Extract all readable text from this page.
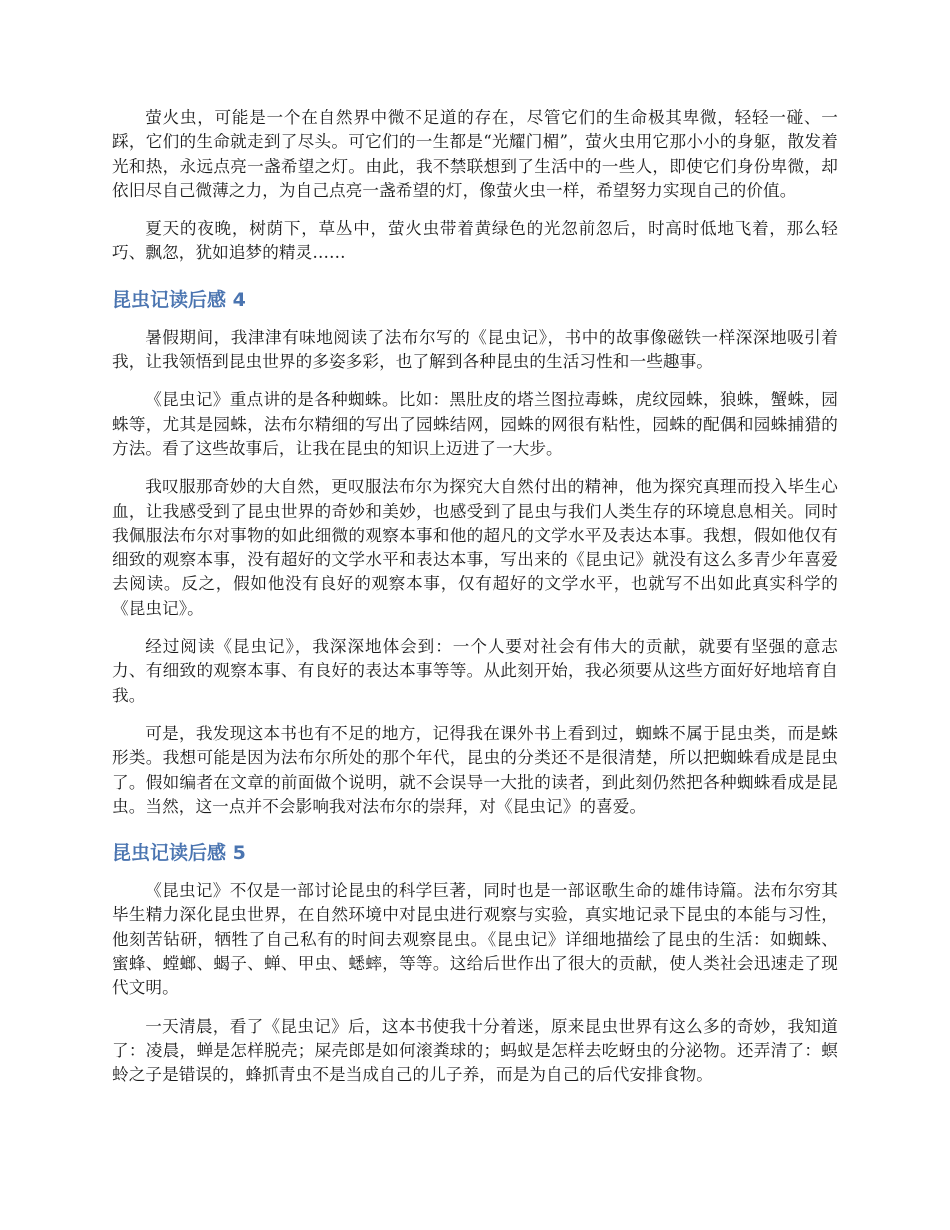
萤火虫，可能是一个在自然界中微不足道的存在，尽管它们的生命极其卑微，轻轻一碰、一踩，它们的生命就走到了尽头。可它们的一生都是“光耀门楣”，萤火虫用它那小小的身躯，散发着光和热，永远点亮一盏希望之灯。由此，我不禁联想到了生活中的一些人，即使它们身份卑微，却依旧尽自己微薄之力，为自己点亮一盏希望的灯，像萤火虫一样，希望努力实现自己的价值。

夏天的夜晚，树荫下，草丛中，萤火虫带着黄绿色的光忽前忽后，时高时低地飞着，那么轻巧、飘忽，犹如追梦的精灵……

昆虫记读后感 4

暑假期间，我津津有味地阅读了法布尔写的《昆虫记》，书中的故事像磁铁一样深深地吸引着我，让我领悟到昆虫世界的多姿多彩，也了解到各种昆虫的生活习性和一些趣事。

《昆虫记》重点讲的是各种蜘蛛。比如：黑肚皮的塔兰图拉毒蛛，虎纹园蛛，狼蛛，蟹蛛，园蛛等，尤其是园蛛，法布尔精细的写出了园蛛结网，园蛛的网很有粘性，园蛛的配偶和园蛛捕猎的方法。看了这些故事后，让我在昆虫的知识上迈进了一大步。

我叹服那奇妙的大自然，更叹服法布尔为探究大自然付出的精神，他为探究真理而投入毕生心血，让我感受到了昆虫世界的奇妙和美妙，也感受到了昆虫与我们人类生存的环境息息相关。同时我佩服法布尔对事物的如此细微的观察本事和他的超凡的文学水平及表达本事。我想，假如他仅有细致的观察本事，没有超好的文学水平和表达本事，写出来的《昆虫记》就没有这么多青少年喜爱去阅读。反之，假如他没有良好的观察本事，仅有超好的文学水平，也就写不出如此真实科学的《昆虫记》。

经过阅读《昆虫记》，我深深地体会到：一个人要对社会有伟大的贡献，就要有坚强的意志力、有细致的观察本事、有良好的表达本事等等。从此刻开始，我必须要从这些方面好好地培育自我。

可是，我发现这本书也有不足的地方，记得我在课外书上看到过，蜘蛛不属于昆虫类，而是蛛形类。我想可能是因为法布尔所处的那个年代，昆虫的分类还不是很清楚，所以把蜘蛛看成是昆虫了。假如编者在文章的前面做个说明，就不会误导一大批的读者，到此刻仍然把各种蜘蛛看成是昆虫。当然，这一点并不会影响我对法布尔的崇拜，对《昆虫记》的喜爱。

昆虫记读后感 5

《昆虫记》不仅是一部讨论昆虫的科学巨著，同时也是一部讴歌生命的雄伟诗篇。法布尔穷其毕生精力深化昆虫世界，在自然环境中对昆虫进行观察与实验，真实地记录下昆虫的本能与习性，他刻苦钻研，牺牲了自己私有的时间去观察昆虫。《昆虫记》详细地描绘了昆虫的生活：如蜘蛛、蜜蜂、螳螂、蝎子、蝉、甲虫、蟋蟀，等等。这给后世作出了很大的贡献，使人类社会迅速走了现代文明。

一天清晨，看了《昆虫记》后，这本书使我十分着迷，原来昆虫世界有这么多的奇妙，我知道了：凌晨，蝉是怎样脱壳；屎壳郎是如何滚粪球的；蚂蚁是怎样去吃蚜虫的分泌物。还弄清了：螟蛉之子是错误的，蜂抓青虫不是当成自己的儿子养，而是为自己的后代安排食物。
